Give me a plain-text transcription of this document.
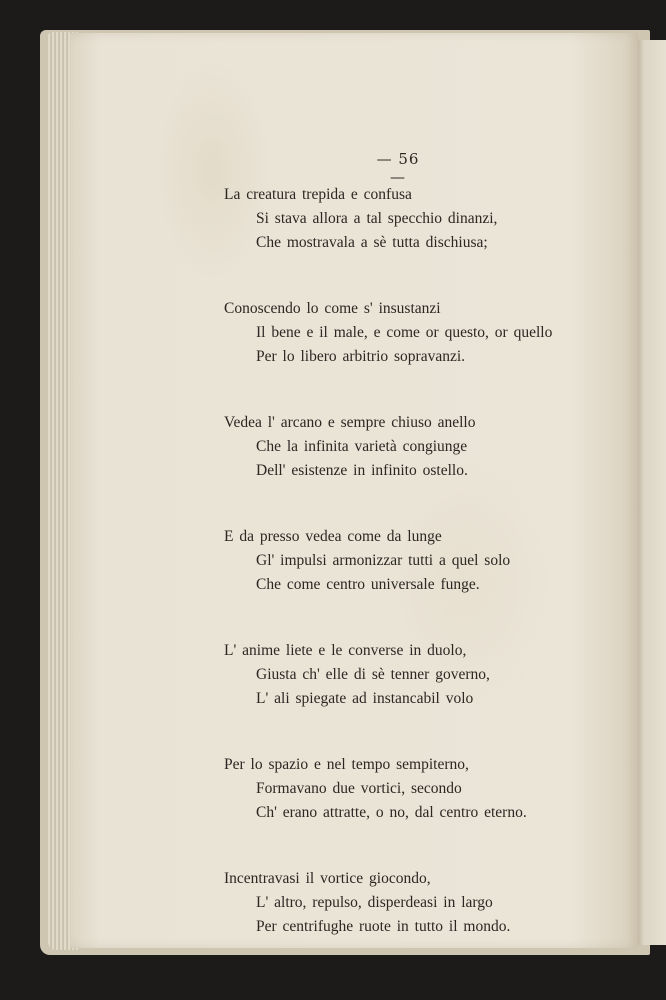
— 56 —
La creatura trepida e confusa
Si stava allora a tal specchio dinanzi,
Che mostravala a sè tutta dischiusa;
Conoscendo lo come s' insustanzi
Il bene e il male, e come or questo, or quello
Per lo libero arbitrio sopravanzi.
Vedea l' arcano e sempre chiuso anello
Che la infinita varietà congiunge
Dell' esistenze in infinito ostello.
E da presso vedea come da lunge
Gl' impulsi armonizzar tutti a quel solo
Che come centro universale funge.
L' anime liete e le converse in duolo,
Giusta ch' elle di sè tenner governo,
L' ali spiegate ad instancabil volo
Per lo spazio e nel tempo sempiterno,
Formavano due vortici, secondo
Ch' erano attratte, o no, dal centro eterno.
Incentravasi il vortice giocondo,
L' altro, repulso, disperdeasi in largo
Per centrifughe ruote in tutto il mondo.
